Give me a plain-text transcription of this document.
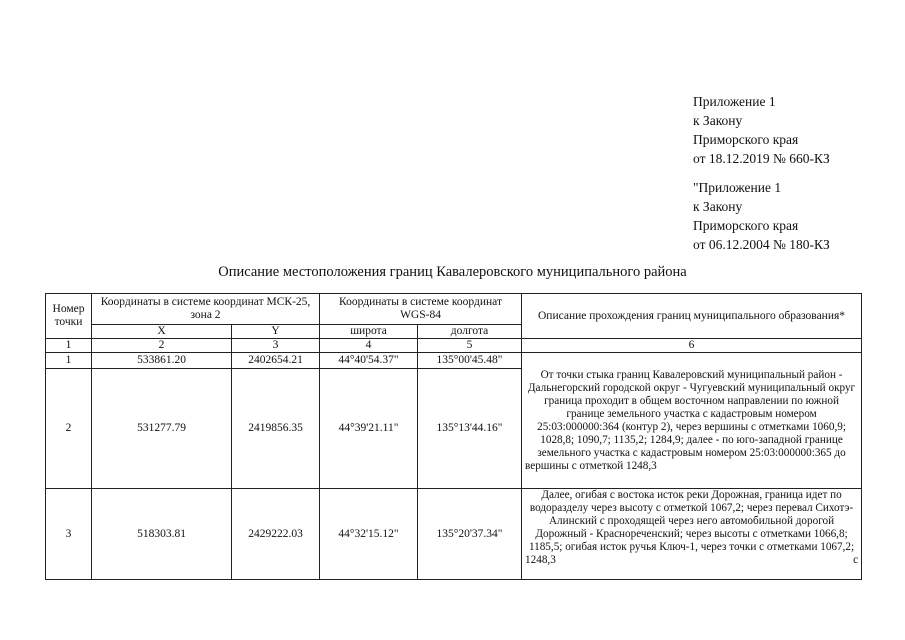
Приложение 1
к Закону
Приморского края
от 18.12.2019 № 660-КЗ
"Приложение 1
к Закону
Приморского края
от 06.12.2004 № 180-КЗ
Описание местоположения границ Кавалеровского муниципального района
Номер точки	Координаты в системе координат МСК-25, зона 2		Координаты в системе координат WGS-84		Описание прохождения границ муниципального образования*
	X	Y	широта	долгота	
1	2	3	4	5	6
1	533861.20	2402654.21	44°40'54.37"	135°00'45.48"	От точки стыка границ Кавалеровский муниципальный район - Дальнегорский городской округ - Чугуевский муниципальный округ граница проходит в общем восточном направлении по южной границе земельного участка с кадастровым номером 25:03:000000:364 (контур 2), через вершины с отметками 1060,9; 1028,8; 1090,7; 1135,2; 1284,9; далее - по юго-западной границе земельного участка с кадастровым номером 25:03:000000:365 до вершины с отметкой 1248,3
2	531277.79	2419856.35	44°39'21.11"	135°13'44.16"	
3	518303.81	2429222.03	44°32'15.12"	135°20'37.34"	Далее, огибая с востока исток реки Дорожная, граница идет по водоразделу через высоту с отметкой 1067,2; через перевал Сихотэ-Алинский с проходящей через него автомобильной дорогой Дорожный - Краснореченский; через высоты с отметками 1066,8; 1185,5; огибая исток ручья Ключ-1, через точки с отметками 1067,2; 1248,3 с
